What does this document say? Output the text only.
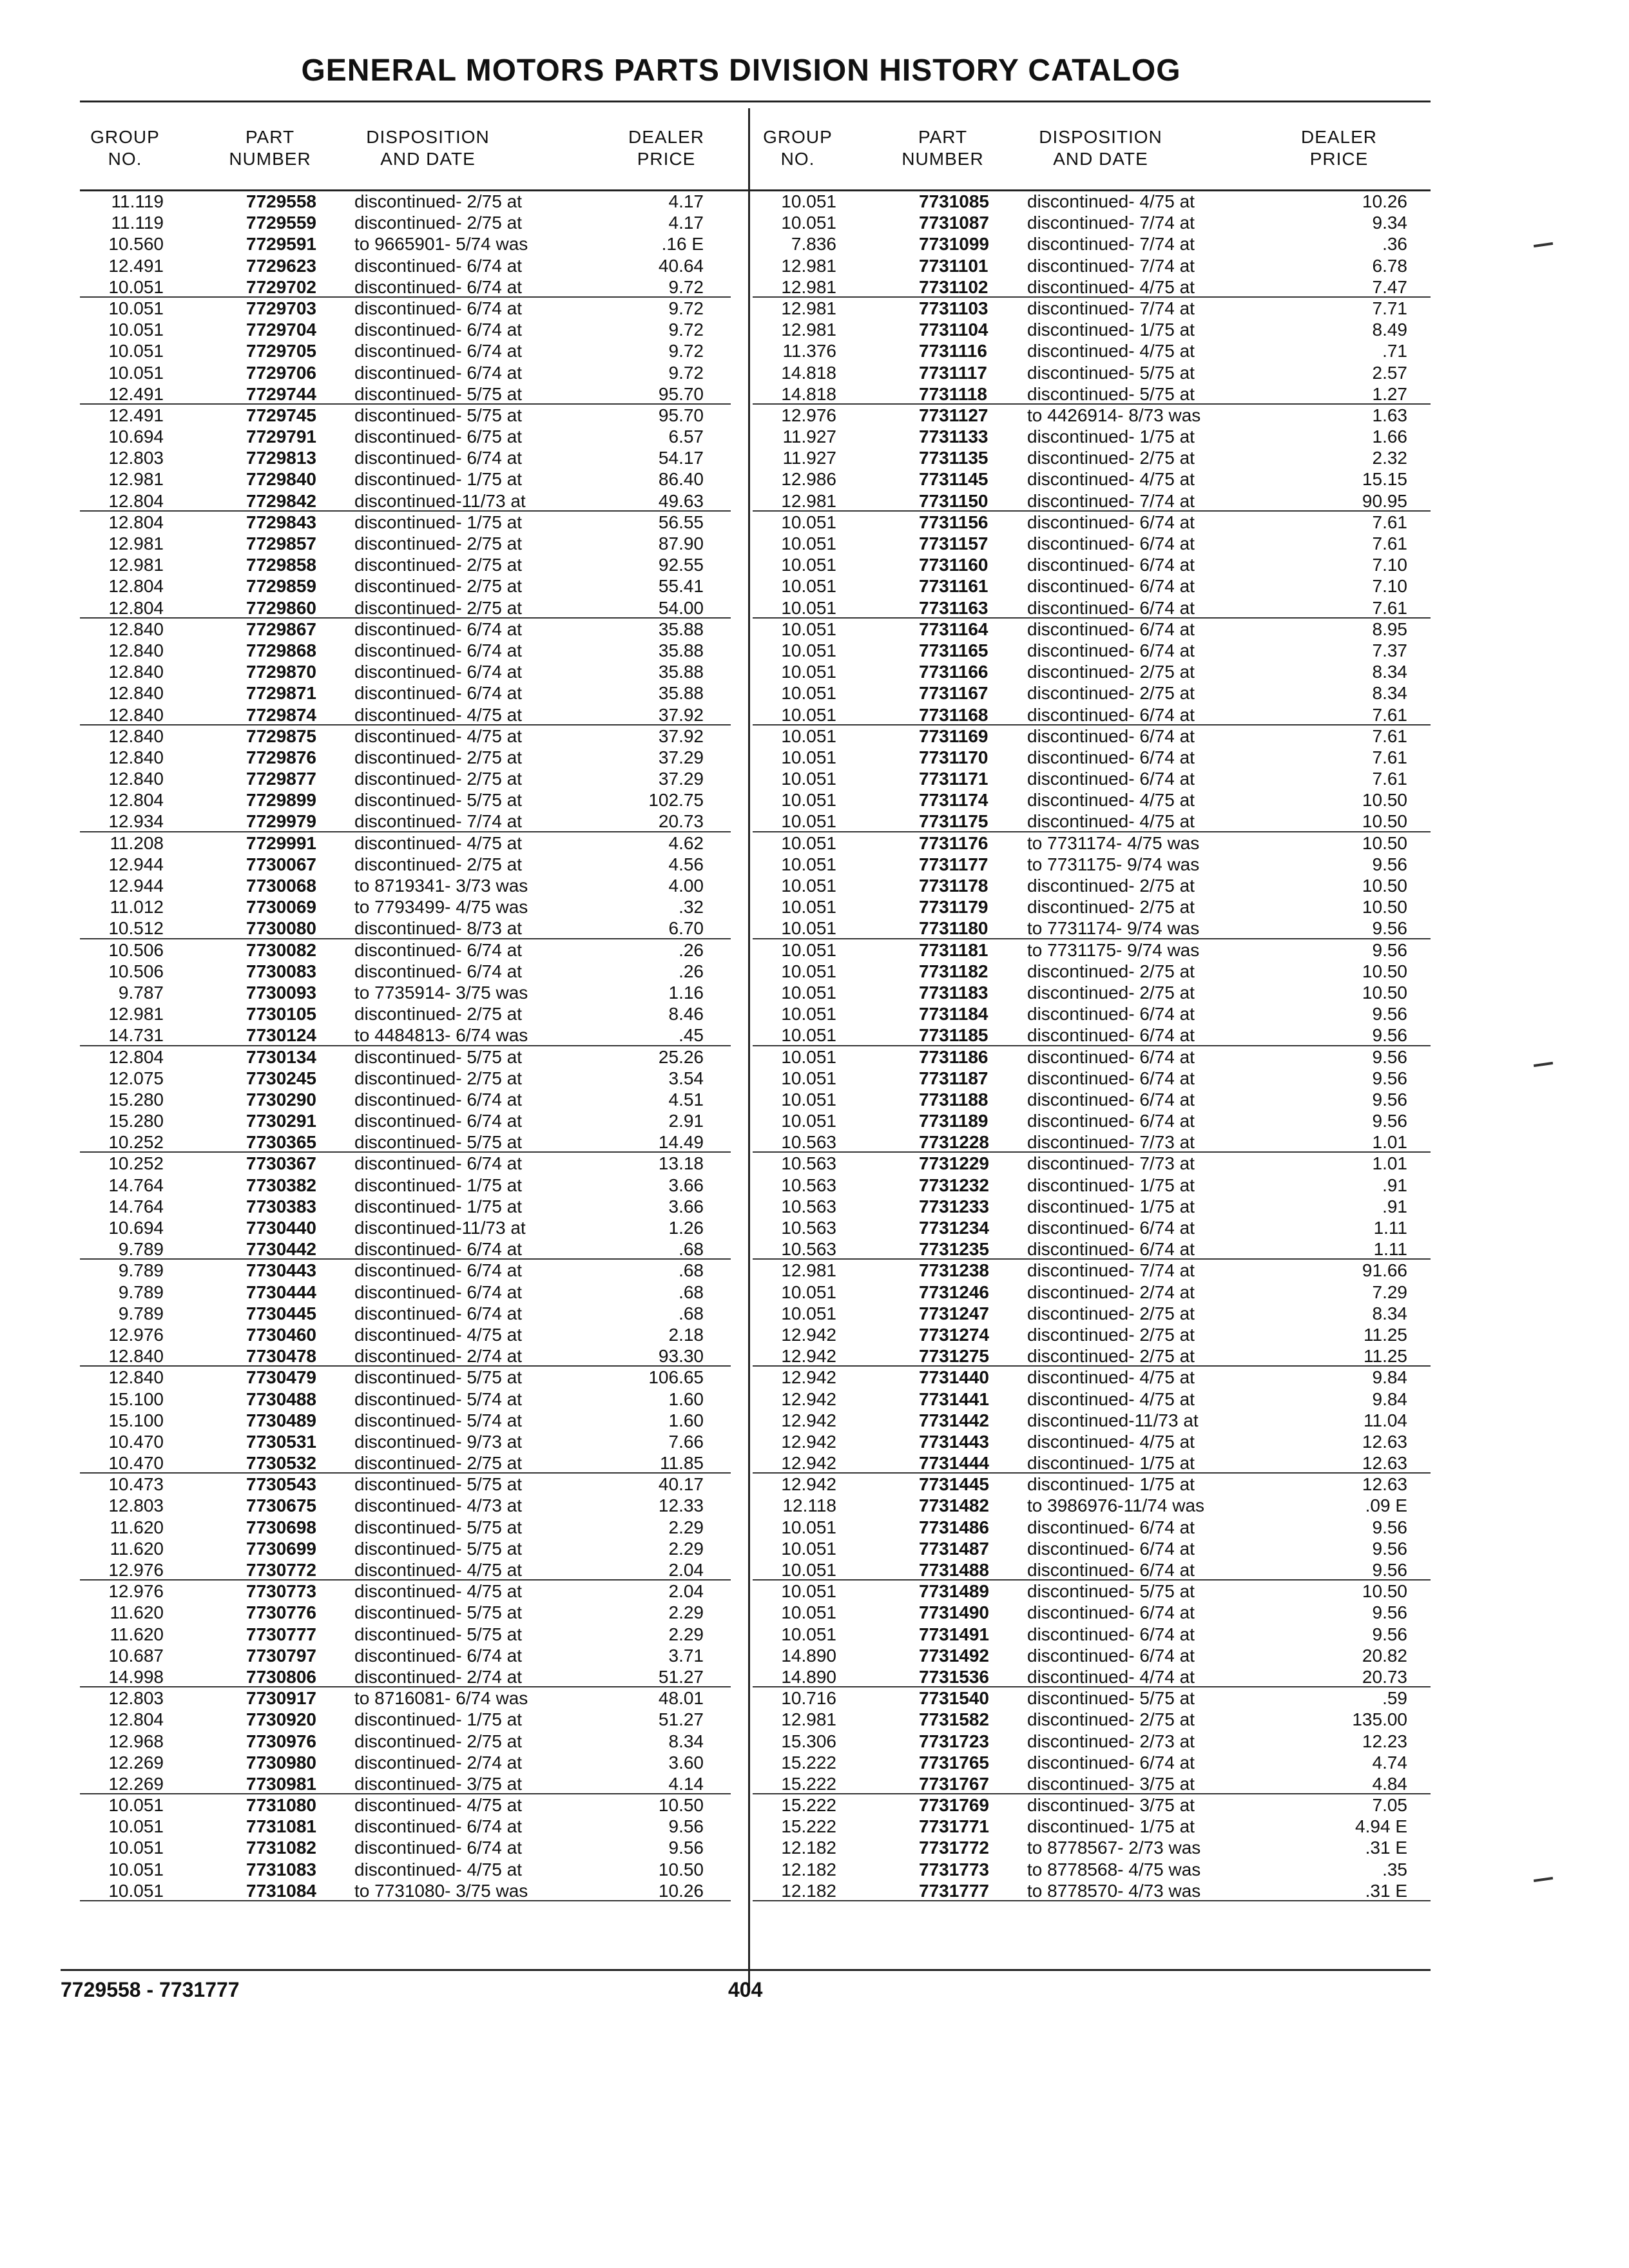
GENERAL MOTORS PARTS DIVISION HISTORY CATALOG
GROUP
NO.
PART
NUMBER
DISPOSITION
AND DATE
DEALER
PRICE
11.119	7729558 discontinued- 2/75 at	4.17
11.119	7729559 discontinued- 2/75 at	4.17
10.560	7729591 to 9665901- 5/74 was	.16 E
12.491	7729623 discontinued- 6/74 at	40.64
10.051	7729702 discontinued- 6/74 at	9.72
10.051	7729703 discontinued- 6/74 at	9.72
10.051	7729704 discontinued- 6/74 at	9.72
10.051	7729705 discontinued- 6/74 at	9.72
10.051	7729706 discontinued- 6/74 at	9.72
12.491	7729744 discontinued- 5/75 at	95.70
12.491	7729745 discontinued- 5/75 at	95.70
10.694	7729791 discontinued- 6/75 at	6.57
12.803	7729813 discontinued- 6/74 at	54.17
12.981	7729840 discontinued- 1/75 at	86.40
12.804	7729842 discontinued-11/73 at	49.63
12.804	7729843 discontinued- 1/75 at	56.55
12.981	7729857 discontinued- 2/75 at	87.90
12.981	7729858 discontinued- 2/75 at	92.55
12.804	7729859 discontinued- 2/75 at	55.41
12.804	7729860 discontinued- 2/75 at	54.00
12.840	7729867 discontinued- 6/74 at	35.88
12.840	7729868 discontinued- 6/74 at	35.88
12.840	7729870 discontinued- 6/74 at	35.88
12.840	7729871 discontinued- 6/74 at	35.88
12.840	7729874 discontinued- 4/75 at	37.92
12.840	7729875 discontinued- 4/75 at	37.92
12.840	7729876 discontinued- 2/75 at	37.29
12.840	7729877 discontinued- 2/75 at	37.29
12.804	7729899 discontinued- 5/75 at	102.75
12.934	7729979 discontinued- 7/74 at	20.73
11.208	7729991 discontinued- 4/75 at	4.62
12.944	7730067 discontinued- 2/75 at	4.56
12.944	7730068 to 8719341- 3/73 was	4.00
11.012	7730069 to 7793499- 4/75 was	.32
10.512	7730080 discontinued- 8/73 at	6.70
10.506	7730082 discontinued- 6/74 at	.26
10.506	7730083 discontinued- 6/74 at	.26
9.787	7730093 to 7735914- 3/75 was	1.16
12.981	7730105 discontinued- 2/75 at	8.46
14.731	7730124 to 4484813- 6/74 was	.45
12.804	7730134 discontinued- 5/75 at	25.26
12.075	7730245 discontinued- 2/75 at	3.54
15.280	7730290 discontinued- 6/74 at	4.51
15.280	7730291 discontinued- 6/74 at	2.91
10.252	7730365 discontinued- 5/75 at	14.49
10.252	7730367 discontinued- 6/74 at	13.18
14.764	7730382 discontinued- 1/75 at	3.66
14.764	7730383 discontinued- 1/75 at	3.66
10.694	7730440 discontinued-11/73 at	1.26
9.789	7730442 discontinued- 6/74 at	.68
9.789	7730443 discontinued- 6/74 at	.68
9.789	7730444 discontinued- 6/74 at	.68
9.789	7730445 discontinued- 6/74 at	.68
12.976	7730460 discontinued- 4/75 at	2.18
12.840	7730478 discontinued- 2/74 at	93.30
12.840	7730479 discontinued- 5/75 at	106.65
15.100	7730488 discontinued- 5/74 at	1.60
15.100	7730489 discontinued- 5/74 at	1.60
10.470	7730531 discontinued- 9/73 at	7.66
10.470	7730532 discontinued- 2/75 at	11.85
10.473	7730543 discontinued- 5/75 at	40.17
12.803	7730675 discontinued- 4/73 at	12.33
11.620	7730698 discontinued- 5/75 at	2.29
11.620	7730699 discontinued- 5/75 at	2.29
12.976	7730772 discontinued- 4/75 at	2.04
12.976	7730773 discontinued- 4/75 at	2.04
11.620	7730776 discontinued- 5/75 at	2.29
11.620	7730777 discontinued- 5/75 at	2.29
10.687	7730797 discontinued- 6/74 at	3.71
14.998	7730806 discontinued- 2/74 at	51.27
12.803	7730917 to 8716081- 6/74 was	48.01
12.804	7730920 discontinued- 1/75 at	51.27
12.968	7730976 discontinued- 2/75 at	8.34
12.269	7730980 discontinued- 2/74 at	3.60
12.269	7730981 discontinued- 3/75 at	4.14
10.051	7731080 discontinued- 4/75 at	10.50
10.051	7731081 discontinued- 6/74 at	9.56
10.051	7731082 discontinued- 6/74 at	9.56
10.051	7731083 discontinued- 4/75 at	10.50
10.051	7731084 to 7731080- 3/75 was	10.26
GROUP
NO.
PART
NUMBER
DISPOSITION
AND DATE
DEALER
PRICE
10.051	7731085 discontinued- 4/75 at	10.26
10.051	7731087 discontinued- 7/74 at	9.34
7.836	7731099 discontinued- 7/74 at	.36
12.981	7731101 discontinued- 7/74 at	6.78
12.981	7731102 discontinued- 4/75 at	7.47
12.981	7731103 discontinued- 7/74 at	7.71
12.981	7731104 discontinued- 1/75 at	8.49
11.376	7731116 discontinued- 4/75 at	.71
14.818	7731117 discontinued- 5/75 at	2.57
14.818	7731118 discontinued- 5/75 at	1.27
12.976	7731127 to 4426914- 8/73 was	1.63
11.927	7731133 discontinued- 1/75 at	1.66
11.927	7731135 discontinued- 2/75 at	2.32
12.986	7731145 discontinued- 4/75 at	15.15
12.981	7731150 discontinued- 7/74 at	90.95
10.051	7731156 discontinued- 6/74 at	7.61
10.051	7731157 discontinued- 6/74 at	7.61
10.051	7731160 discontinued- 6/74 at	7.10
10.051	7731161 discontinued- 6/74 at	7.10
10.051	7731163 discontinued- 6/74 at	7.61
10.051	7731164 discontinued- 6/74 at	8.95
10.051	7731165 discontinued- 6/74 at	7.37
10.051	7731166 discontinued- 2/75 at	8.34
10.051	7731167 discontinued- 2/75 at	8.34
10.051	7731168 discontinued- 6/74 at	7.61
10.051	7731169 discontinued- 6/74 at	7.61
10.051	7731170 discontinued- 6/74 at	7.61
10.051	7731171 discontinued- 6/74 at	7.61
10.051	7731174 discontinued- 4/75 at	10.50
10.051	7731175 discontinued- 4/75 at	10.50
10.051	7731176 to 7731174- 4/75 was	10.50
10.051	7731177 to 7731175- 9/74 was	9.56
10.051	7731178 discontinued- 2/75 at	10.50
10.051	7731179 discontinued- 2/75 at	10.50
10.051	7731180 to 7731174- 9/74 was	9.56
10.051	7731181 to 7731175- 9/74 was	9.56
10.051	7731182 discontinued- 2/75 at	10.50
10.051	7731183 discontinued- 2/75 at	10.50
10.051	7731184 discontinued- 6/74 at	9.56
10.051	7731185 discontinued- 6/74 at	9.56
10.051	7731186 discontinued- 6/74 at	9.56
10.051	7731187 discontinued- 6/74 at	9.56
10.051	7731188 discontinued- 6/74 at	9.56
10.051	7731189 discontinued- 6/74 at	9.56
10.563	7731228 discontinued- 7/73 at	1.01
10.563	7731229 discontinued- 7/73 at	1.01
10.563	7731232 discontinued- 1/75 at	.91
10.563	7731233 discontinued- 1/75 at	.91
10.563	7731234 discontinued- 6/74 at	1.11
10.563	7731235 discontinued- 6/74 at	1.11
12.981	7731238 discontinued- 7/74 at	91.66
10.051	7731246 discontinued- 2/74 at	7.29
10.051	7731247 discontinued- 2/75 at	8.34
12.942	7731274 discontinued- 2/75 at	11.25
12.942	7731275 discontinued- 2/75 at	11.25
12.942	7731440 discontinued- 4/75 at	9.84
12.942	7731441 discontinued- 4/75 at	9.84
12.942	7731442 discontinued-11/73 at	11.04
12.942	7731443 discontinued- 4/75 at	12.63
12.942	7731444 discontinued- 1/75 at	12.63
12.942	7731445 discontinued- 1/75 at	12.63
12.118	7731482 to 3986976-11/74 was	.09 E
10.051	7731486 discontinued- 6/74 at	9.56
10.051	7731487 discontinued- 6/74 at	9.56
10.051	7731488 discontinued- 6/74 at	9.56
10.051	7731489 discontinued- 5/75 at	10.50
10.051	7731490 discontinued- 6/74 at	9.56
10.051	7731491 discontinued- 6/74 at	9.56
14.890	7731492 discontinued- 6/74 at	20.82
14.890	7731536 discontinued- 4/74 at	20.73
10.716	7731540 discontinued- 5/75 at	.59
12.981	7731582 discontinued- 2/75 at	135.00
15.306	7731723 discontinued- 2/73 at	12.23
15.222	7731765 discontinued- 6/74 at	4.74
15.222	7731767 discontinued- 3/75 at	4.84
15.222	7731769 discontinued- 3/75 at	7.05
15.222	7731771 discontinued- 1/75 at	4.94 E
12.182	7731772 to 8778567- 2/73 was	.31 E
12.182	7731773 to 8778568- 4/75 was	.35
12.182	7731777 to 8778570- 4/73 was	.31 E
7729558 - 7731777	404
